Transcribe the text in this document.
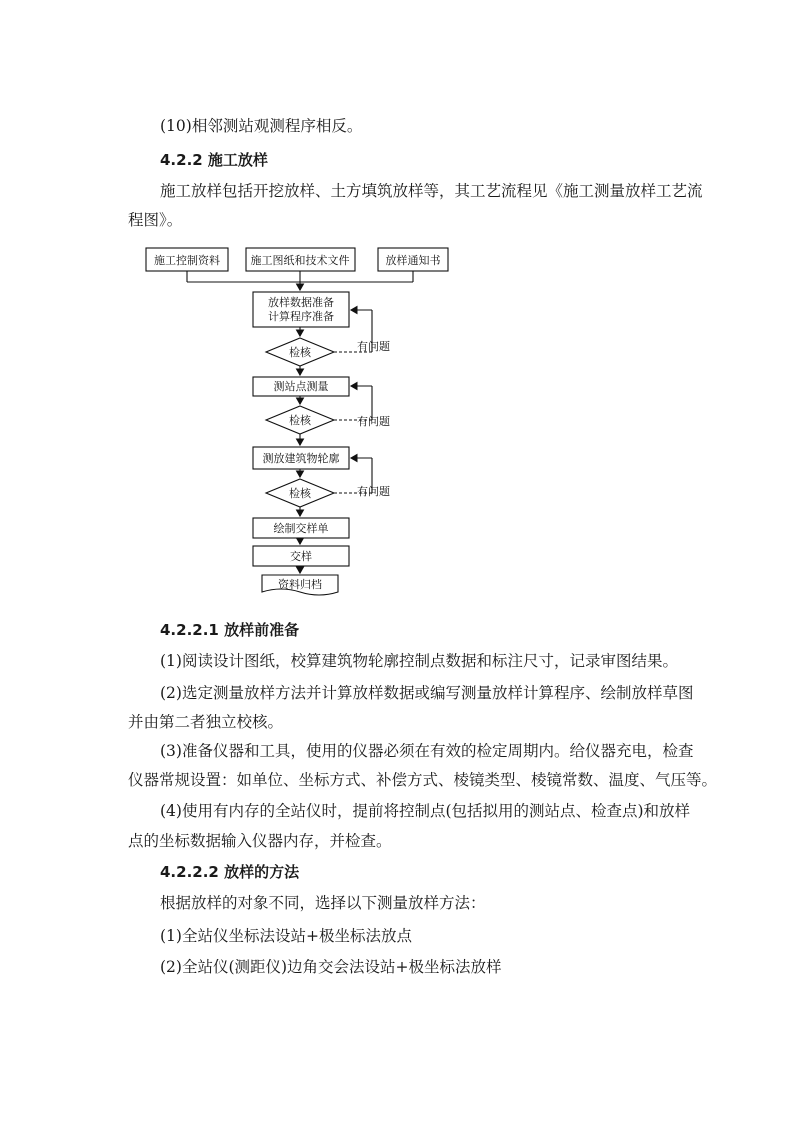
(10)相邻测站观测程序相反。
4.2.2 施工放样
施工放样包括开挖放样、土方填筑放样等，其工艺流程见《施工测量放样工艺流
程图》。
施工控制资料	施工图纸和技术文件	放样通知书
放样数据准备
计算程序准备
检核	有问题
测站点测量
检核	有问题
测放建筑物轮廓
检核	有问题
绘制交样单
交样
资料归档
4.2.2.1 放样前准备
(1)阅读设计图纸，校算建筑物轮廓控制点数据和标注尺寸，记录审图结果。
(2)选定测量放样方法并计算放样数据或编写测量放样计算程序、绘制放样草图
并由第二者独立校核。
(3)准备仪器和工具，使用的仪器必须在有效的检定周期内。给仪器充电，检查
仪器常规设置：如单位、坐标方式、补偿方式、棱镜类型、棱镜常数、温度、气压等。
(4)使用有内存的全站仪时，提前将控制点(包括拟用的测站点、检查点)和放样
点的坐标数据输入仪器内存，并检查。
4.2.2.2 放样的方法
根据放样的对象不同，选择以下测量放样方法：
(1)全站仪坐标法设站+极坐标法放点
(2)全站仪(测距仪)边角交会法设站+极坐标法放样
